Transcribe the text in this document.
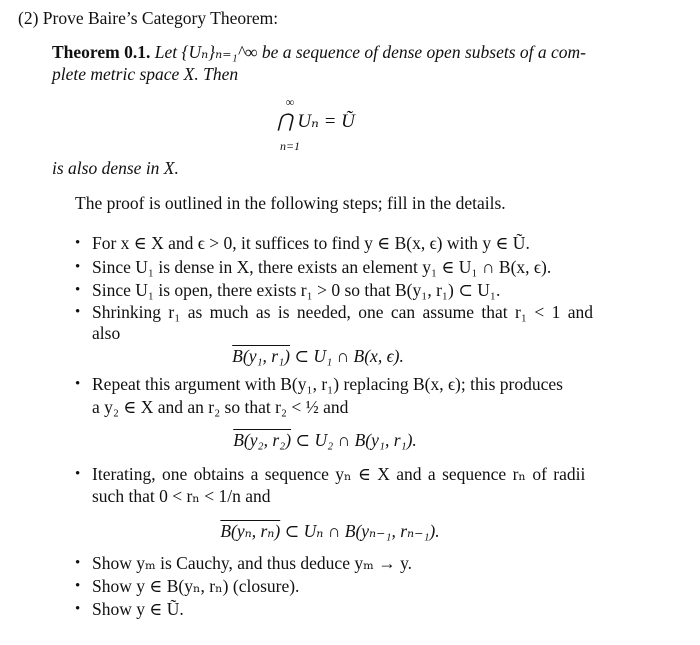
(2) Prove Baire’s Category Theorem:
Theorem 0.1. Let {Uₙ}ₙ₌₁^∞ be a sequence of dense open subsets of a com-
plete metric space X. Then
∞
⋂ Uₙ = Ũ
n=1
is also dense in X.
The proof is outlined in the following steps; fill in the details.
• For x ∈ X and ϵ > 0, it suffices to find y ∈ B(x, ϵ) with y ∈ Ũ.
• Since U₁ is dense in X, there exists an element y₁ ∈ U₁ ∩ B(x, ϵ).
• Since U₁ is open, there exists r₁ > 0 so that B(y₁, r₁) ⊂ U₁.
• Shrinking r₁ as much as is needed, one can assume that r₁ < 1 and
also
B(y₁, r₁) ⊂ U₁ ∩ B(x, ϵ).
• Repeat this argument with B(y₁, r₁) replacing B(x, ϵ); this produces
a y₂ ∈ X and an r₂ so that r₂ < ½ and
B(y₂, r₂) ⊂ U₂ ∩ B(y₁, r₁).
• Iterating, one obtains a sequence yₙ ∈ X and a sequence rₙ of radii
such that 0 < rₙ < 1/n and
B(yₙ, rₙ) ⊂ Uₙ ∩ B(yₙ₋₁, rₙ₋₁).
• Show yₘ is Cauchy, and thus deduce yₘ → y.
• Show y ∈ B(yₙ, rₙ) (closure).
• Show y ∈ Ũ.
